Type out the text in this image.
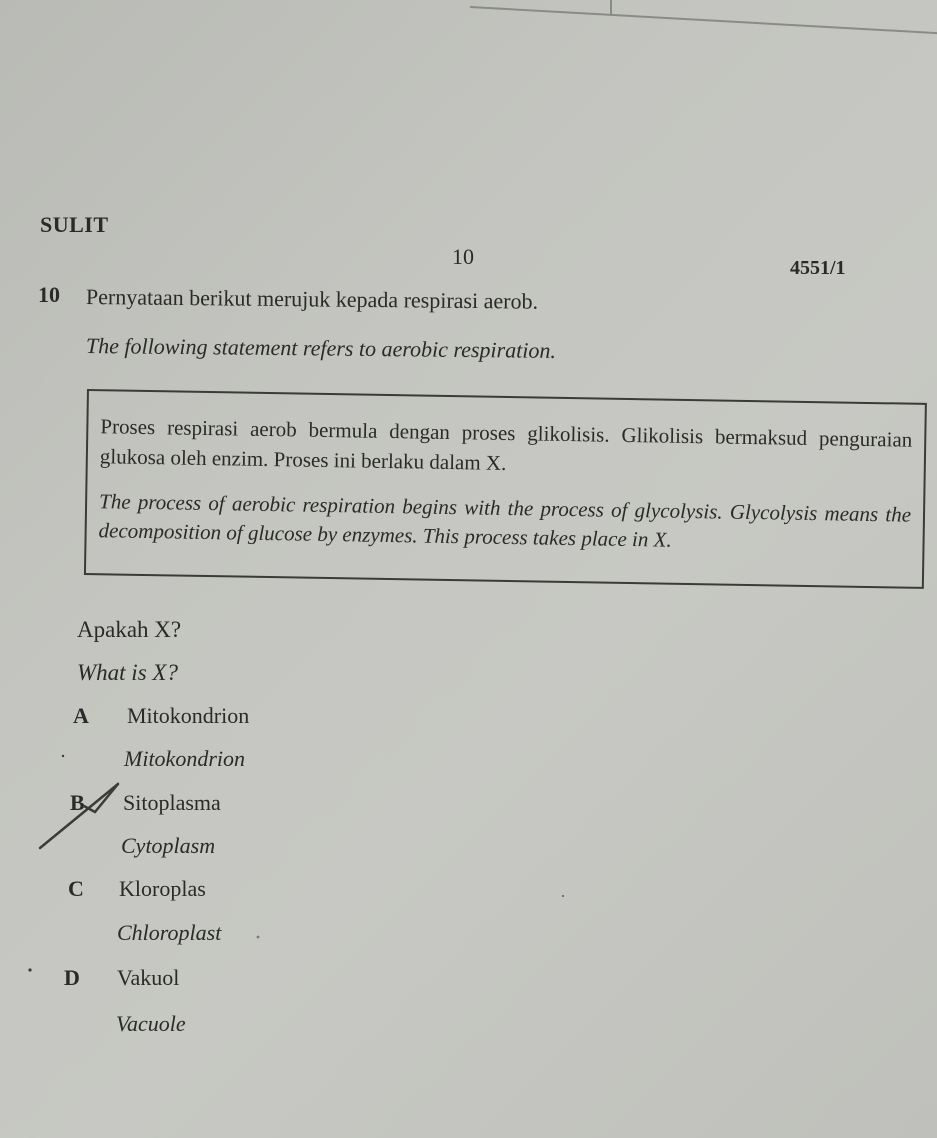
SULIT
10	4551/1
10 Pernyataan berikut merujuk kepada respirasi aerob.
The following statement refers to aerobic respiration.
Proses respirasi aerob bermula dengan proses glikolisis. Glikolisis bermaksud penguraian glukosa oleh enzim. Proses ini berlaku dalam X.
The process of aerobic respiration begins with the process of glycolysis. Glycolysis means the decomposition of glucose by enzymes. This process takes place in X.
Apakah X?
What is X?
A Mitokondrion
Mitokondrion
B Sitoplasma
Cytoplasm
C Kloroplas
Chloroplast
D Vakuol
Vacuole
